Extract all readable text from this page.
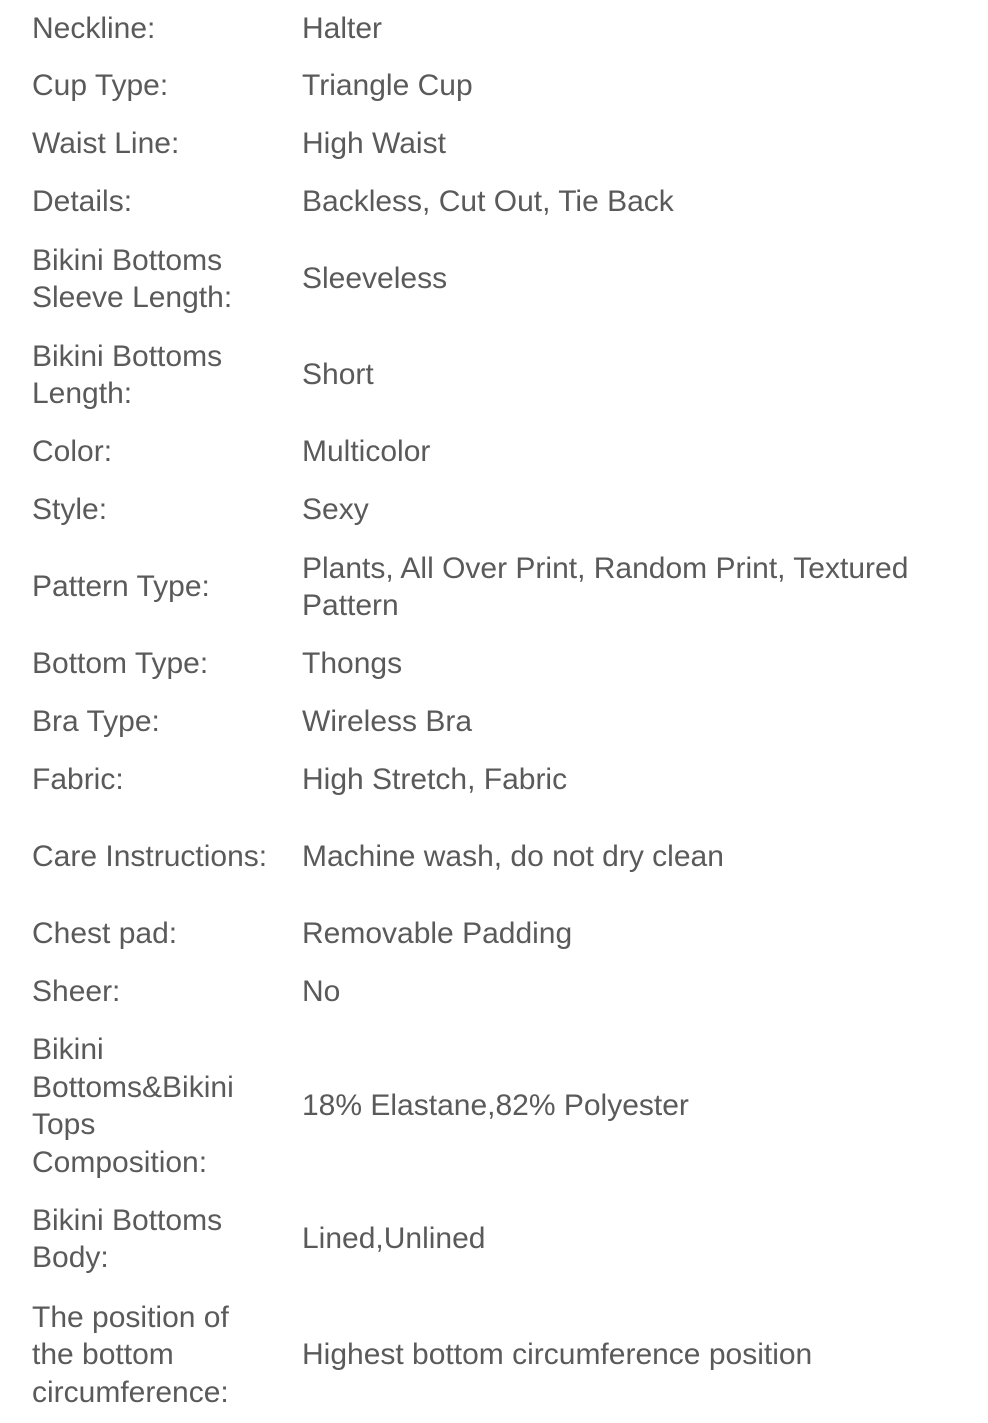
Neckline:	Halter
Cup Type:	Triangle Cup
Waist Line:	High Waist
Details:	Backless, Cut Out, Tie Back
Bikini Bottoms Sleeve Length:
Sleeveless
Bikini Bottoms Length:
Short
Color:	Multicolor
Style:	Sexy
Pattern Type:
Plants, All Over Print, Random Print, Textured Pattern
Bottom Type:	Thongs
Bra Type:	Wireless Bra
Fabric:	High Stretch, Fabric
Care Instructions:	Machine wash, do not dry clean
Chest pad:	Removable Padding
Sheer:	No
Bikini Bottoms&Bikini Tops Composition:
18% Elastane,82% Polyester
Bikini Bottoms Body:
Lined,Unlined
The position of the bottom circumference:
Highest bottom circumference position
